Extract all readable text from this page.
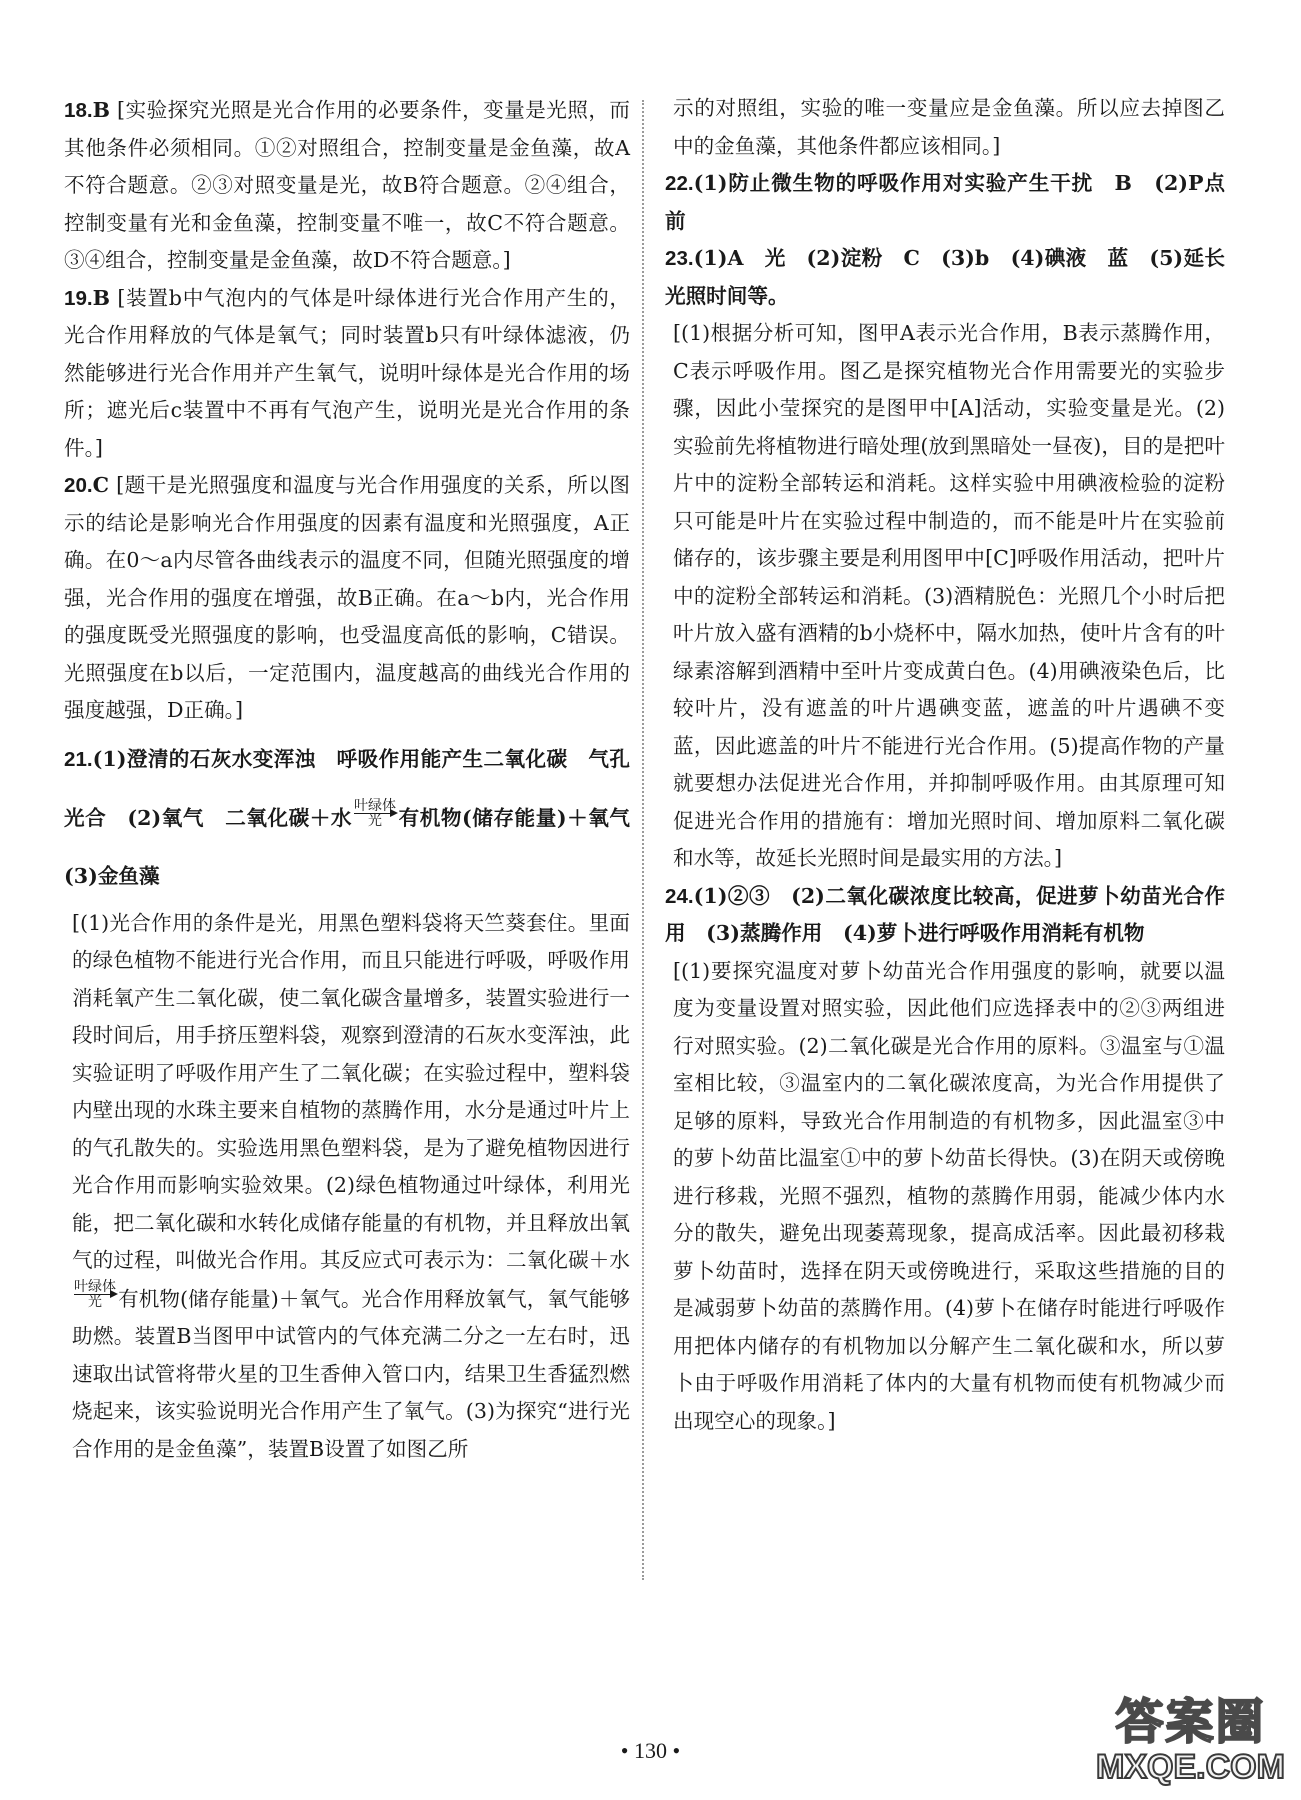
18.B [实验探究光照是光合作用的必要条件，变量是光照，而其他条件必须相同。①②对照组合，控制变量是金鱼藻，故A不符合题意。②③对照变量是光，故B符合题意。②④组合，控制变量有光和金鱼藻，控制变量不唯一，故C不符合题意。③④组合，控制变量是金鱼藻，故D不符合题意。]

19.B [装置b中气泡内的气体是叶绿体进行光合作用产生的，光合作用释放的气体是氧气；同时装置b只有叶绿体滤液，仍然能够进行光合作用并产生氧气，说明叶绿体是光合作用的场所；遮光后c装置中不再有气泡产生，说明光是光合作用的条件。]

20.C [题干是光照强度和温度与光合作用强度的关系，所以图示的结论是影响光合作用强度的因素有温度和光照强度，A正确。在0～a内尽管各曲线表示的温度不同，但随光照强度的增强，光合作用的强度在增强，故B正确。在a～b内，光合作用的强度既受光照强度的影响，也受温度高低的影响，C错误。光照强度在b以后，一定范围内，温度越高的曲线光合作用的强度越强，D正确。]

21.(1)澄清的石灰水变浑浊　呼吸作用能产生二氧化碳　气孔　光合　(2)氧气　二氧化碳＋水 叶绿体
光 有机物(储存能量)＋氧气　(3)金鱼藻

[(1)光合作用的条件是光，用黑色塑料袋将天竺葵套住。里面的绿色植物不能进行光合作用，而且只能进行呼吸，呼吸作用消耗氧产生二氧化碳，使二氧化碳含量增多，装置实验进行一段时间后，用手挤压塑料袋，观察到澄清的石灰水变浑浊，此实验证明了呼吸作用产生了二氧化碳；在实验过程中，塑料袋内壁出现的水珠主要来自植物的蒸腾作用，水分是通过叶片上的气孔散失的。实验选用黑色塑料袋，是为了避免植物因进行光合作用而影响实验效果。(2)绿色植物通过叶绿体，利用光能，把二氧化碳和水转化成储存能量的有机物，并且释放出氧气的过程，叫做光合作用。其反应式可表示为：二氧化碳＋水
叶绿体
光 有机物(储存能量)＋氧气。光合作用释放氧气，氧气能够助燃。装置B当图甲中试管内的气体充满二分之一左右时，迅速取出试管将带火星的卫生香伸入管口内，结果卫生香猛烈燃烧起来，该实验说明光合作用产生了氧气。(3)为探究“进行光合作用的是金鱼藻”，装置B设置了如图乙所

示的对照组，实验的唯一变量应是金鱼藻。所以应去掉图乙中的金鱼藻，其他条件都应该相同。]

22.(1)防止微生物的呼吸作用对实验产生干扰　B　(2)P点前

23.(1)A　光　(2)淀粉　C　(3)b　(4)碘液　蓝　(5)延长光照时间等。

[(1)根据分析可知，图甲A表示光合作用，B表示蒸腾作用，C表示呼吸作用。图乙是探究植物光合作用需要光的实验步骤，因此小莹探究的是图甲中[A]活动，实验变量是光。(2)实验前先将植物进行暗处理(放到黑暗处一昼夜)，目的是把叶片中的淀粉全部转运和消耗。这样实验中用碘液检验的淀粉只可能是叶片在实验过程中制造的，而不能是叶片在实验前储存的，该步骤主要是利用图甲中[C]呼吸作用活动，把叶片中的淀粉全部转运和消耗。(3)酒精脱色：光照几个小时后把叶片放入盛有酒精的b小烧杯中，隔水加热，使叶片含有的叶绿素溶解到酒精中至叶片变成黄白色。(4)用碘液染色后，比较叶片，没有遮盖的叶片遇碘变蓝，遮盖的叶片遇碘不变蓝，因此遮盖的叶片不能进行光合作用。(5)提高作物的产量就要想办法促进光合作用，并抑制呼吸作用。由其原理可知促进光合作用的措施有：增加光照时间、增加原料二氧化碳和水等，故延长光照时间是最实用的方法。]

24.(1)②③　(2)二氧化碳浓度比较高，促进萝卜幼苗光合作用　(3)蒸腾作用　(4)萝卜进行呼吸作用消耗有机物

[(1)要探究温度对萝卜幼苗光合作用强度的影响，就要以温度为变量设置对照实验，因此他们应选择表中的②③两组进行对照实验。(2)二氧化碳是光合作用的原料。③温室与①温室相比较，③温室内的二氧化碳浓度高，为光合作用提供了足够的原料，导致光合作用制造的有机物多，因此温室③中的萝卜幼苗比温室①中的萝卜幼苗长得快。(3)在阴天或傍晚进行移栽，光照不强烈，植物的蒸腾作用弱，能减少体内水分的散失，避免出现萎蔫现象，提高成活率。因此最初移栽萝卜幼苗时，选择在阴天或傍晚进行，采取这些措施的目的是减弱萝卜幼苗的蒸腾作用。(4)萝卜在储存时能进行呼吸作用把体内储存的有机物加以分解产生二氧化碳和水，所以萝卜由于呼吸作用消耗了体内的大量有机物而使有机物减少而出现空心的现象。]

• 130 •
答案圈
MXQE.COM
